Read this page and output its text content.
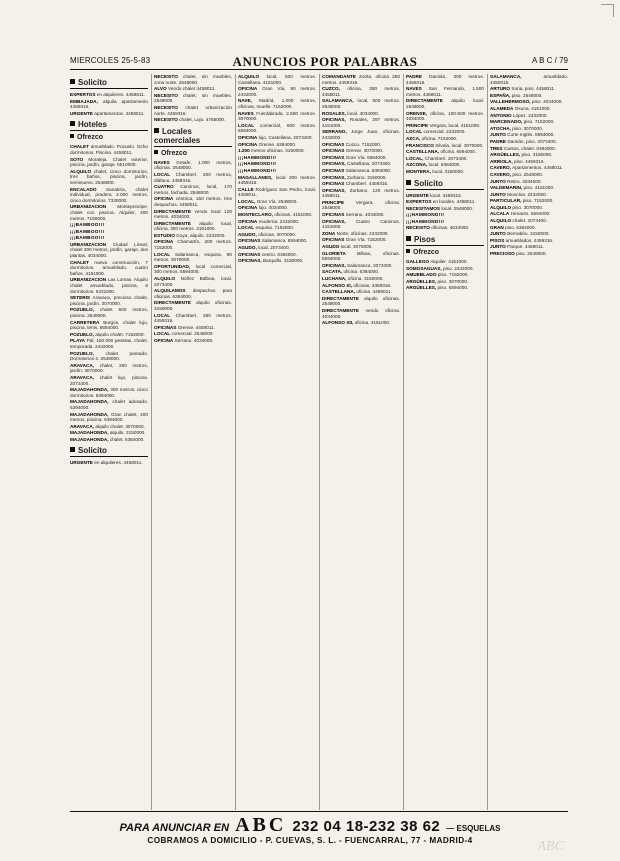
MIERCOLES 25-5-83	ANUNCIOS POR PALABRAS	A B C / 79
Solicito
EXPERTOS en alquileres. 4458811.
EMBAJADA, alquila apartamento 4459316.
URGENTE apartamentos. 4458011.
Hoteles
Ofrezco
CHALET amueblado. Pozuelo. Ocho dormitorios. Piscina. 4458011.
SOTO Moraleja. Chalet exterior, piscina, jardín, garaje. 6510000.
ALQUILO chalet, cinco dormitorios, tres baños, piscina, jardín, seminuevo. 2548000.
ENCALADO Sanabria, chalet individual, pradera 2.000 metros, cinco dormitorios. 7330000.
URBANIZACION Monteprincipe, chalet con piscina. Alquiler, 400 metros. 7150000.
¡¡¡BAMBOO!!!
¡¡¡BAMBOO!!!
¡¡¡BAMBOO!!!
URBANIZACION Ciudad Lineal, chalet 300 metros, jardín, garaje, dos plantas. 4034000.
CHALET nueva construcción, 7 dormitorios, amueblado, cuatro baños. 4151000.
URBANIZACION Las Lomas. Alquilo chalet amueblado, piscina, 6 dormitorios. 6331000.
SETERIS Aravaca, precioso chalet, piscina, jardín. 3070000.
POZUELO, chalet 500 metros, piscina. 2548000.
CARRETERA Burgos, chalet lujo, piscina, tenis. 6594000.
POZUELO, alquilo chalet. 7152000.
PLAYA Pal, 160.000 pesetas, chalet, temporada. 2432000.
POZUELO, chalet pareado. Dormitorios 4. 2548000.
ARAVACA, chalet, 260 metros, jardín. 3070000.
ARAVACA, chalet lujo, piscina. 2073400.
MAJADAHONDA, 300 metros, cinco dormitorios. 6384000.
MAJADAHONDA, chalet adosado. 6394000.
MAJADAHONDA, Gran chalet, 400 metros, piscina. 6384000.
ARAVACA, alquilo chalet. 3070000.
MAJADAHONDA, alquilo. 3150000.
MAJADAHONDA, chalet. 6384000.
Solicito
URGENTE en alquileres. 4458011.
NECESITO chalet, sin muebles, zona norte. 2548000.
ALVO Vendo chalet 4458011.
NECESITO chalet, sin muebles. 2548000.
NECESITO chalet urbanización norte. 4459316.
NECESITO chalet, Lujo. 4756000.
Locales comerciales
Ofrezco
NAVES Getafe, 1.000 metros, oficinas. 2548000.
LOCAL Chamberí, 200 metros, diáfano. 4459316.
CUATRO Caminos, local, 170 metros, fachada. 2548000.
OFICINA céntrica, 150 metros, tres despachos. 4458011.
DIRECTAMENTE vendo local 120 metros. 4034000.
DIRECTAMENTE alquilo local, oficina, 300 metros. 4151000.
ESTUDIO Goya, alquilo. 2432000.
OFICINA Chamartín, 200 metros. 7152000.
LOCAL Salamanca, esquina, 90 metros. 3070000.
OPORTUNIDAD, local comercial, 300 metros. 6594000.
ALQUILO Núñez Balboa, local. 2073400.
ALQUILAMOS despachos para oficinas. 6384000.
DIRECTAMENTE alquilo oficinas. 3150000.
LOCAL Chamberí, 250 metros. 4459316.
OFICINAS Orense. 4458011.
LOCAL comercial. 2548000.
OFICINA Serrano. 4034000.
ALQUILO local, 500 metros. Castellana. 4151000.
OFICINA Gran Vía, 90 metros. 2432000.
NAVE, Madrid, 1.000 metros, oficinas, muelle. 7152000.
NAVES Fuenlabrada, 2.500 metros. 3070000.
LOCAL comercial, 600 metros. 6594000.
OFICINA lujo, Castellana. 2073400.
OFICINA Orense. 6384000.
1.200 metros oficinas. 3150000.
¡¡¡HAMMOND!!!
¡¡¡HAMMOND!!!
¡¡¡HAMMOND!!!
MAGALLANES, local 200 metros. 4459316.
CALLE Rodríguez San Pedro, local. 4458011.
LOCAL, Gran Vía. 2548000.
OFICINA lujo. 4034000.
MONTECLARO, oficinas. 4151000.
OFICINA moderna. 2432000.
LOCAL esquina. 7152000.
AGUDO, oficinas. 3070000.
OFICINAS Salamanca. 6594000.
AGUDO, local. 2073400.
OFICINAS centro. 6384000.
OFICINAS, Barquillo. 3150000.
COMANDANTE Zorita, oficina 250 metros. 4459316.
CUZCO, oficina, 280 metros. 4458011.
SALAMANCA, local, 500 metros. 2548000.
ROSALES, local. 4034000.
OFICINAS, Rosales, 297 metros. 4151000.
SERRANO, Jorge Juan, oficinas. 2432000.
OFICINAS Cuzco. 7152000.
OFICINAS Orense. 3070000.
OFICINAS Gran Vía. 6594000.
OFICINAS, Castellana. 2073400.
OFICINAS Salamanca. 6384000.
OFICINAS, Zurbano. 3150000.
OFICINAS Chamberí. 4459316.
OFICINAS, Zurbano, 120 metros. 4458011.
PRINCIPE Vergara, oficina. 2548000.
OFICINAS Serrano. 4034000.
OFICINAS, Cuatro Caminos. 4151000.
ZONA Norte, oficinas. 2432000.
OFICINAS Gran Vía. 7152000.
AGUDO local. 3070000.
GLORIETA Bilbao, oficinas. 6594000.
OFICINAS, Salamanca. 2073400.
SACATA, oficina. 6384000.
LUCHANA, oficina. 3150000.
ALFONSO XI, oficinas. 4459316.
CASTELLANA, oficina. 4458011.
DIRECTAMENTE alquilo oficinas. 2548000.
DIRECTAMENTE vendo oficina. 4034000.
ALFONSO XII, oficina. 4151000.
PADRE Damián, 300 metros. 4459316.
NAVES San Fernando, 1.500 metros. 4458011.
DIRECTAMENTE alquilo local. 2548000.
ORENSE, oficina, 100-500 metros. 4034000.
PRINCIPE Vergara, local. 4151000.
LOCAL comercial. 2432000.
AZCA, oficina. 7152000.
FRANCISCO Silvela, local. 3070000.
CASTELLANA, oficina. 6594000.
LOCAL, Chamberí. 2073400.
AZCONA, local. 6384000.
MONTERA, local. 3150000.
Solicito
URGENTE local. 4459316.
EXPERTOS en locales. 4458011.
NECESITAMOS local. 2548000.
¡¡¡HAMMOND!!!
¡¡¡HAMMOND!!!
NECESITO oficinas. 4034000.
Pisos
Ofrezco
GALLEGO Alquiler. 4151000.
SOMOSAGUAS, piso. 2432000.
AMUEBLADO piso. 7152000.
ARGÜELLES, piso. 3070000.
ARGÜELLES, piso. 6594000.
SALAMANCA,	amueblado. 4459316.
ARTURO Soria, piso. 4458011.
ESPAÑA, piso. 2548000.
VALLEHERMOSO, piso. 4034000.
ALAMEDA Osuna. 4151000.
ANTONIO López. 2432000.
MARCENADO, piso. 7152000.
ATOCHA, piso. 3070000.
JUNTO Corte Inglés. 6594000.
PADRE Damián, piso. 2073400.
TRES Cantos, chalet. 6384000.
ARGÜELLES, piso. 3150000.
ARRIOLA, piso. 4459316.
CAVERO, Apartamentos. 4458011.
CAVERO, piso. 2548000.
JUNTO Retiro. 4034000.
VALDEMARIN, piso. 4151000.
JUNTO Moncloa. 2432000.
PARTICULAR, piso. 7152000.
ALQUILO piso. 3070000.
ALCALA Henares. 6594000.
ALQUILO chalet. 2073400.
GRAN piso. 6384000.
JUNTO Bernabéu. 3150000.
PISOS amueblados. 4459316.
JUNTO Parque. 4458011.
PRECIOSO piso. 2548000.
PARA ANUNCIAR EN ABC 232 04 18-232 38 62 — ESQUELAS
COBRAMOS A DOMICILIO - P. CUEVAS, S. L. - FUENCARRAL, 77 - MADRID-4	ABC
